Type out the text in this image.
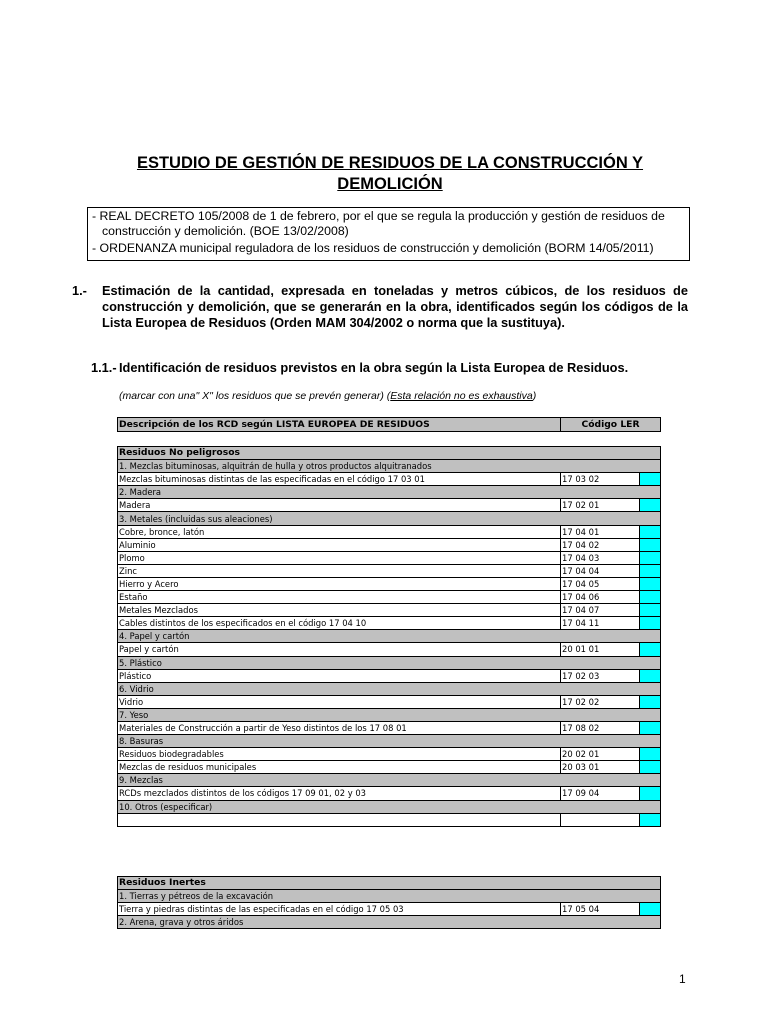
ESTUDIO DE GESTIÓN DE RESIDUOS DE LA CONSTRUCCIÓN Y DEMOLICIÓN

- REAL DECRETO 105/2008 de 1 de febrero, por el que se regula la producción y gestión de residuos de construcción y demolición. (BOE 13/02/2008)

- ORDENANZA municipal reguladora de los residuos de construcción y demolición (BORM 14/05/2011)

1.- Estimación de la cantidad, expresada en toneladas y metros cúbicos, de los residuos de construcción y demolición, que se generarán en la obra, identificados según los códigos de la Lista Europea de Residuos (Orden MAM 304/2002 o norma que la sustituya).
1.1.- Identificación de residuos previstos en la obra según la Lista Europea de Residuos.
(marcar con una" X" los residuos que se prevén generar) (Esta relación no es exhaustiva)
Descripción de los RCD según LISTA EUROPEA DE RESIDUOS	Código LER
Residuos No peligrosos		
1. Mezclas bituminosas, alquitrán de hulla y otros productos alquitranados		
Mezclas bituminosas distintas de las especificadas en el código 17 03 01	17 03 02	
2. Madera		
Madera	17 02 01	
3. Metales (incluidas sus aleaciones)		
Cobre, bronce, latón	17 04 01	
Aluminio	17 04 02	
Plomo	17 04 03	
Zinc	17 04 04	
Hierro y Acero	17 04 05	
Estaño	17 04 06	
Metales Mezclados	17 04 07	
Cables distintos de los especificados en el código 17 04 10	17 04 11	
4. Papel y cartón		
Papel y cartón	20 01 01	
5. Plástico		
Plástico	17 02 03	
6. Vidrio		
Vidrio	17 02 02	
7. Yeso		
Materiales de Construcción a partir de Yeso distintos de los 17 08 01	17 08 02	
8. Basuras		
Residuos biodegradables	20 02 01	
Mezclas de residuos municipales	20 03 01	
9. Mezclas		
RCDs mezclados distintos de los códigos 17 09 01, 02 y 03	17 09 04	
10. Otros (especificar)		

Residuos Inertes
1. Tierras y pétreos de la excavación
Tierra y piedras distintas de las especificadas en el código 17 05 03	17 05 04	
2. Arena, grava y otros áridos
1
